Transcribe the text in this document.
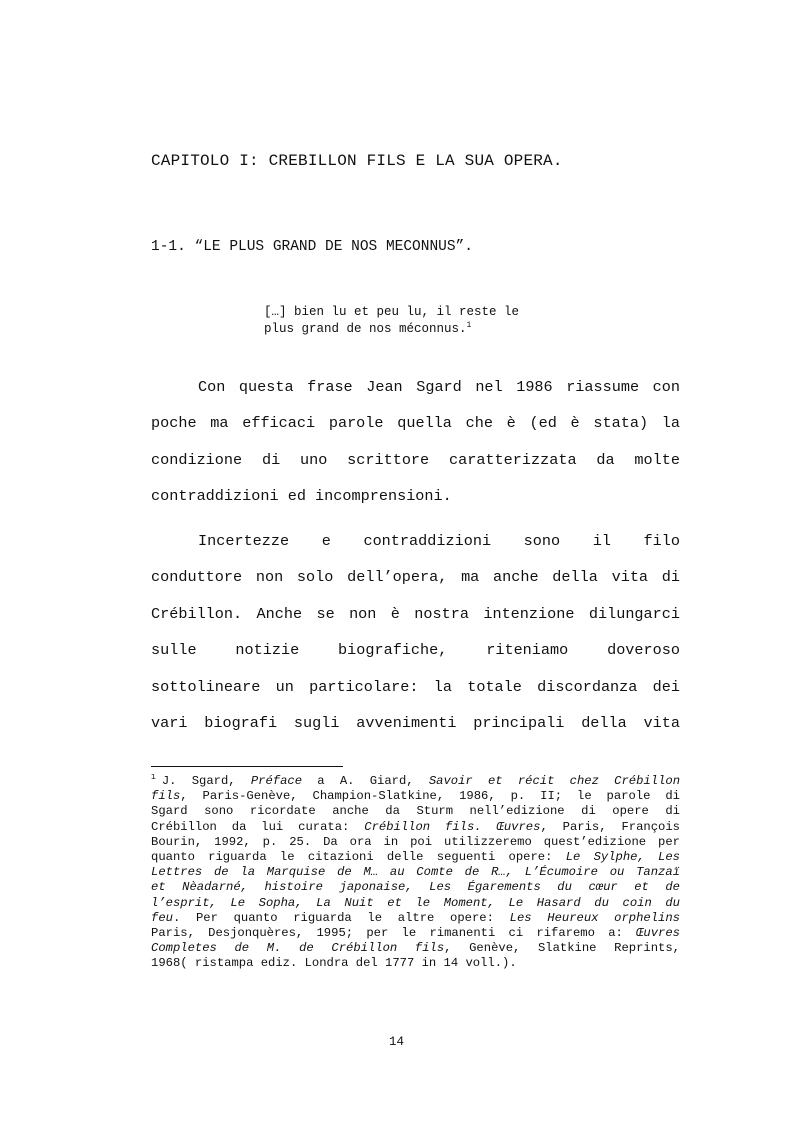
CAPITOLO I: CREBILLON FILS E LA SUA OPERA.
1-1. “LE PLUS GRAND DE NOS MECONNUS”.
[…] bien lu et peu lu, il reste le
plus grand de nos méconnus.$^1$
Con questa frase Jean Sgard nel 1986 riassume con
poche ma efficaci parole quella che è (ed è stata) la
condizione di uno scrittore caratterizzata da molte
contraddizioni ed incomprensioni.
Incertezze e contraddizioni sono il filo
conduttore non solo dell’opera, ma anche della vita di
Crébillon. Anche se non è nostra intenzione dilungarci
sulle notizie biografiche, riteniamo doveroso
sottolineare un particolare: la totale discordanza dei
vari biografi sugli avvenimenti principali della vita
$^1$ J. Sgard, Préface a A. Giard, Savoir et récit chez Crébillon
fils, Paris-Genève, Champion-Slatkine, 1986, p. II; le parole di
Sgard sono ricordate anche da Sturm nell’edizione di opere di
Crébillon da lui curata: Crébillon fils. Œuvres, Paris, François
Bourin, 1992, p. 25. Da ora in poi utilizzeremo quest’edizione per
quanto riguarda le citazioni delle seguenti opere: Le Sylphe, Les
Lettres de la Marquise de M… au Comte de R…, L’Écumoire ou Tanzaï
et Nèadarné, histoire japonaise, Les Égarements du cœur et de
l’esprit, Le Sopha, La Nuit et le Moment, Le Hasard du coin du
feu. Per quanto riguarda le altre opere: Les Heureux orphelins
Paris, Desjonquères, 1995; per le rimanenti ci rifaremo a: Œuvres
Completes de M. de Crébillon fils, Genève, Slatkine Reprints,
1968( ristampa ediz. Londra del 1777 in 14 voll.).
14
